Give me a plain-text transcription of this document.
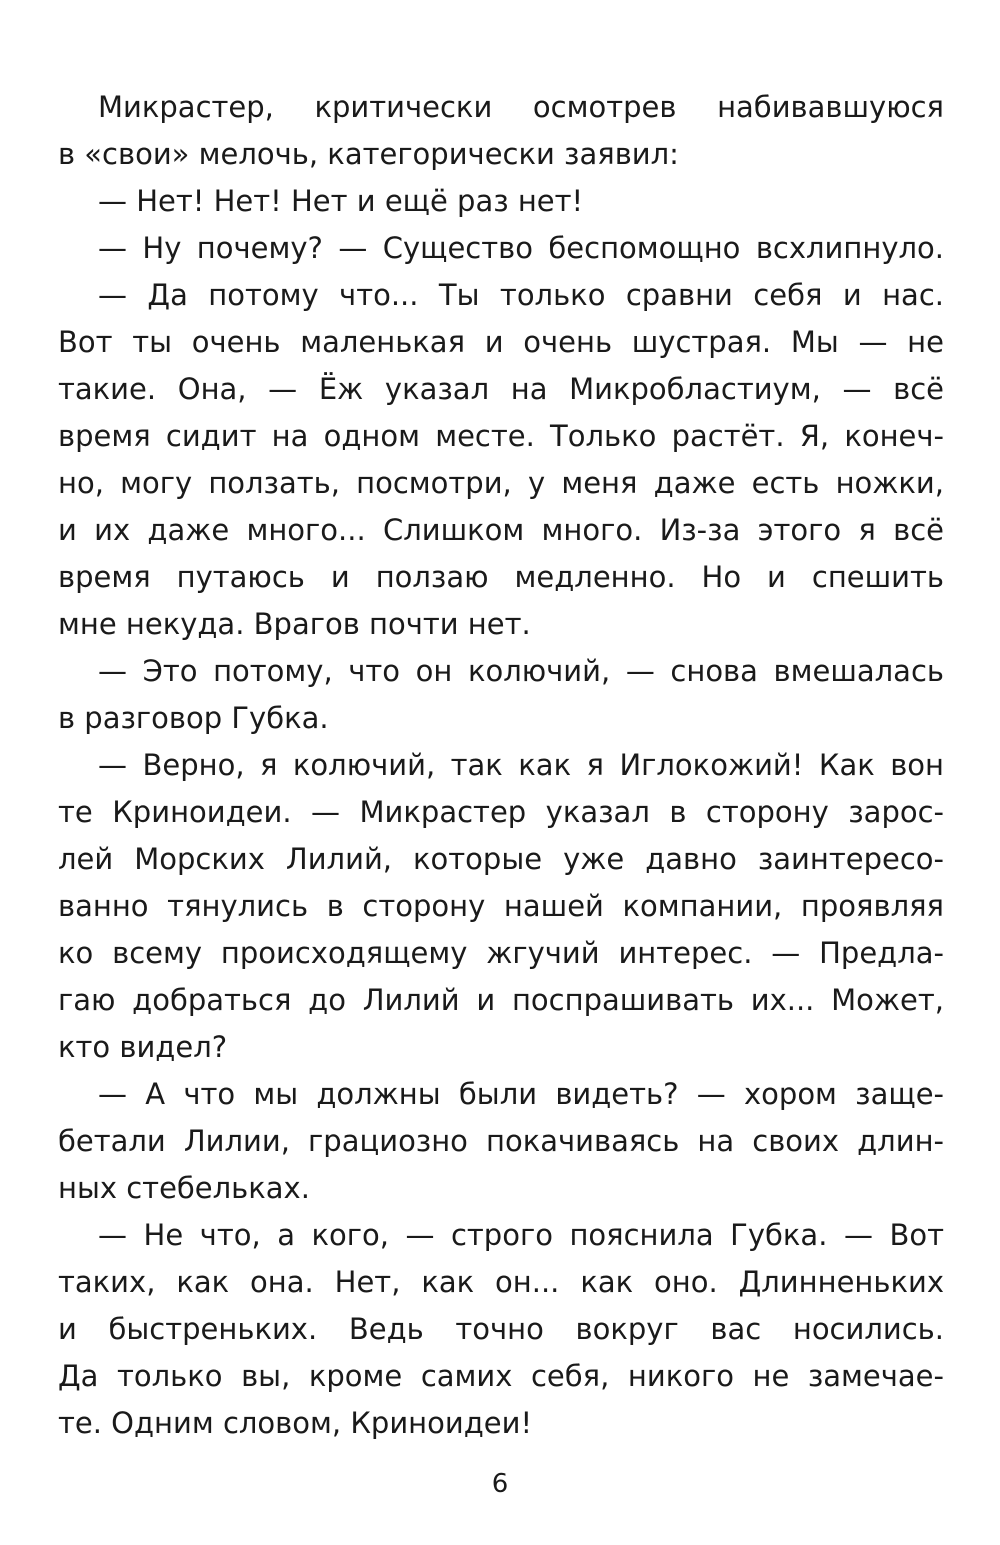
Микрастер, критически осмотрев набивавшуюся
в «свои» мелочь, категорически заявил:
— Нет! Нет! Нет и ещё раз нет!
— Ну почему? — Существо беспомощно всхлипнуло.
— Да потому что... Ты только сравни себя и нас.
Вот ты очень маленькая и очень шустрая. Мы — не
такие. Она, — Ёж указал на Микробластиум, — всё
время сидит на одном месте. Только растёт. Я, конеч-
но, могу ползать, посмотри, у меня даже есть ножки,
и их даже много... Слишком много. Из-за этого я всё
время путаюсь и ползаю медленно. Но и спешить
мне некуда. Врагов почти нет.
— Это потому, что он колючий, — снова вмешалась
в разговор Губка.
— Верно, я колючий, так как я Иглокожий! Как вон
те Криноидеи. — Микрастер указал в сторону зарос-
лей Морских Лилий, которые уже давно заинтересо-
ванно тянулись в сторону нашей компании, проявляя
ко всему происходящему жгучий интерес. — Предла-
гаю добраться до Лилий и поспрашивать их... Может,
кто видел?
— А что мы должны были видеть? — хором заще-
бетали Лилии, грациозно покачиваясь на своих длин-
ных стебельках.
— Не что, а кого, — строго пояснила Губка. — Вот
таких, как она. Нет, как он... как оно. Длинненьких
и быстреньких. Ведь точно вокруг вас носились.
Да только вы, кроме самих себя, никого не замечае-
те. Одним словом, Криноидеи!
6
